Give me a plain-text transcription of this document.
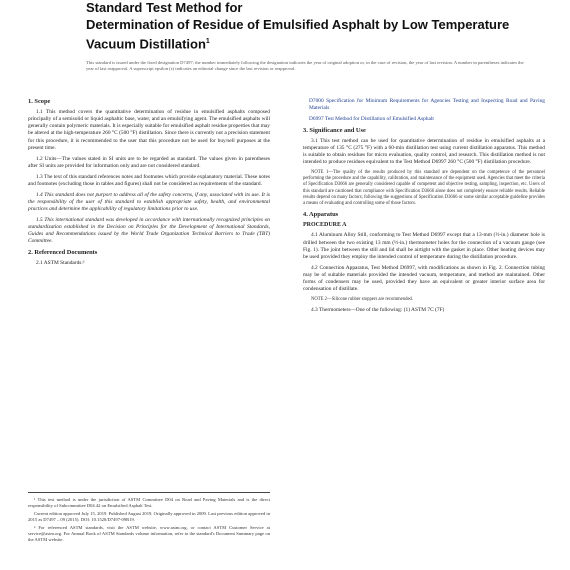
Standard Test Method for
Determination of Residue of Emulsified Asphalt by Low Temperature Vacuum Distillation$^1$
This standard is issued under the fixed designation D7497; the number immediately following the designation indicates the year of original adoption or, in the case of revision, the year of last revision. A number in parentheses indicates the year of last reapproval. A superscript epsilon (ε) indicates an editorial change since the last revision or reapproval.

1. Scope

1.1 This method covers the quantitative determination of residue in emulsified asphalts composed principally of a semisolid or liquid asphaltic base, water, and an emulsifying agent. The emulsified asphalts will generally contain polymeric materials. It is especially suitable for emulsified asphalt residue properties that may be altered at the high-temperature 260 °C (500 °F) distillation. Since there is currently not a precision statement for this procedure, it is recommended to the user that this procedure not be used for buy/sell purposes at the present time.

1.2 Units—The values stated in SI units are to be regarded as standard. The values given in parentheses after SI units are provided for information only and are not considered standard.

1.3 The text of this standard references notes and footnotes which provide explanatory material. These notes and footnotes (excluding those in tables and figures) shall not be considered as requirements of the standard.

1.4 This standard does not purport to address all of the safety concerns, if any, associated with its use. It is the responsibility of the user of this standard to establish appropriate safety, health, and environmental practices and determine the applicability of regulatory limitations prior to use.

1.5 This international standard was developed in accordance with internationally recognized principles on standardization established in the Decision on Principles for the Development of International Standards, Guides and Recommendations issued by the World Trade Organization Technical Barriers to Trade (TBT) Committee.

2. Referenced Documents

2.1 ASTM Standards:²

¹ This test method is under the jurisdiction of ASTM Committee D04 on Road and Paving Materials and is the direct responsibility of Subcommittee D04.42 on Emulsified Asphalt Test.

Current edition approved July 15, 2019. Published August 2019. Originally approved in 2009. Last previous edition approved in 2015 as D7497 – 09 (2015). DOI: 10.1520/D7497-09R19.

² For referenced ASTM standards, visit the ASTM website, www.astm.org, or contact ASTM Customer Service at service@astm.org. For Annual Book of ASTM Standards volume information, refer to the standard's Document Summary page on the ASTM website.

D7000 Specification for Minimum Requirements for Agencies Testing and Inspecting Road and Paving Materials

D6997 Test Method for Distillation of Emulsified Asphalt

3. Significance and Use

3.1 This test method can be used for quantitative determination of residue in emulsified asphalts at a temperature of 135 °C (275 °F) with a 60-min distillation test using current distillation apparatus. This method is suitable to obtain residues for micro evaluation, quality control, and research. This distillation method is not intended to produce residues equivalent to the Test Method D6997 260 °C (500 °F) distillation procedure.

NOTE 1—The quality of the results produced by this standard are dependent on the competence of the personnel performing the procedure and the capability, calibration, and maintenance of the equipment used. Agencies that meet the criteria of Specification D3666 are generally considered capable of competent and objective testing, sampling, inspection, etc. Users of this standard are cautioned that compliance with Specification D3666 alone does not completely ensure reliable results. Reliable results depend on many factors; following the suggestions of Specification D3666 or some similar acceptable guideline provides a means of evaluating and controlling some of those factors.

4. Apparatus

PROCEDURE A

4.1 Aluminum Alloy Still, conforming to Test Method D6997 except that a 13-mm (½-in.) diameter hole is drilled between the two existing 13 mm (½-in.) thermometer holes for the connection of a vacuum gauge (see Fig. 1). The joint between the still and lid shall be airtight with the gasket in place. Other heating devices may be used provided they employ the intended control of temperature during the distillation procedure.

4.2 Connection Apparatus, Test Method D6997, with modifications as shown in Fig. 2. Connection tubing may be of suitable materials provided the intended vacuum, temperature, and method are maintained. Other forms of condensers may be used, provided they have an equivalent or greater interior surface area for condensation of distillate.

NOTE 2—Silicone rubber stoppers are recommended.

4.3 Thermometers—One of the following: (1) ASTM 7C (7F)
